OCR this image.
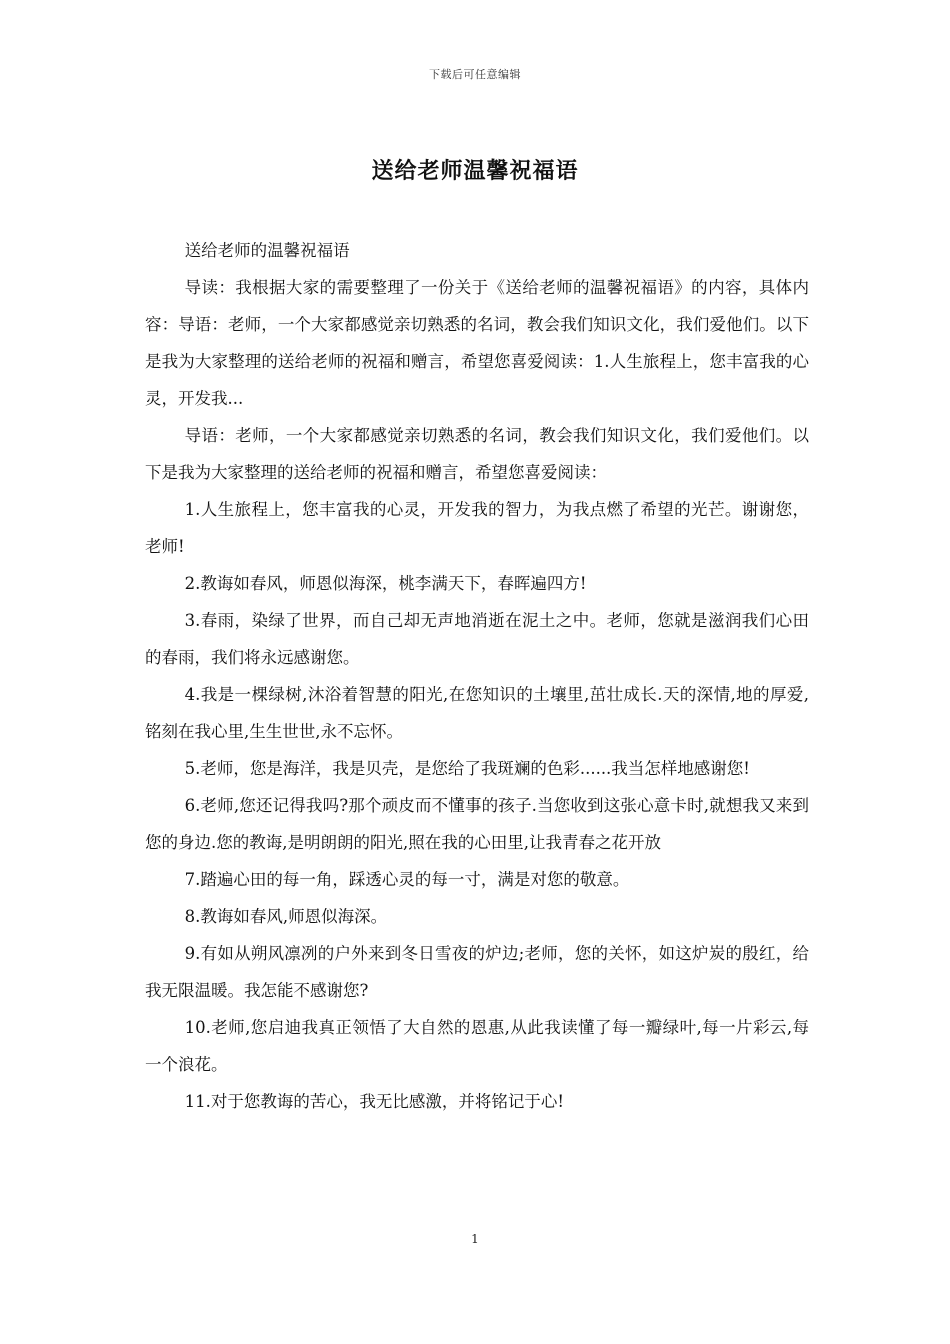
下载后可任意编辑
送给老师温馨祝福语

送给老师的温馨祝福语

导读：我根据大家的需要整理了一份关于《送给老师的温馨祝福语》的内容，具体内容：导语：老师，一个大家都感觉亲切熟悉的名词，教会我们知识文化，我们爱他们。以下是我为大家整理的送给老师的祝福和赠言，希望您喜爱阅读：1.人生旅程上，您丰富我的心灵，开发我...

导语：老师，一个大家都感觉亲切熟悉的名词，教会我们知识文化，我们爱他们。以下是我为大家整理的送给老师的祝福和赠言，希望您喜爱阅读：

1.人生旅程上，您丰富我的心灵，开发我的智力，为我点燃了希望的光芒。谢谢您，老师!

2.教诲如春风，师恩似海深，桃李满天下，春晖遍四方!

3.春雨，染绿了世界，而自己却无声地消逝在泥土之中。老师，您就是滋润我们心田的春雨，我们将永远感谢您。

4.我是一棵绿树,沐浴着智慧的阳光,在您知识的土壤里,茁壮成长.天的深情,地的厚爱,铭刻在我心里,生生世世,永不忘怀。

5.老师，您是海洋，我是贝壳，是您给了我斑斓的色彩......我当怎样地感谢您!

6.老师,您还记得我吗?那个顽皮而不懂事的孩子.当您收到这张心意卡时,就想我又来到您的身边.您的教诲,是明朗朗的阳光,照在我的心田里,让我青春之花开放

7.踏遍心田的每一角，踩透心灵的每一寸，满是对您的敬意。

8.教诲如春风,师恩似海深。

9.有如从朔风凛冽的户外来到冬日雪夜的炉边;老师，您的关怀，如这炉炭的殷红，给我无限温暖。我怎能不感谢您?

10.老师,您启迪我真正领悟了大自然的恩惠,从此我读懂了每一瓣绿叶,每一片彩云,每一个浪花。

11.对于您教诲的苦心，我无比感激，并将铭记于心!

1
